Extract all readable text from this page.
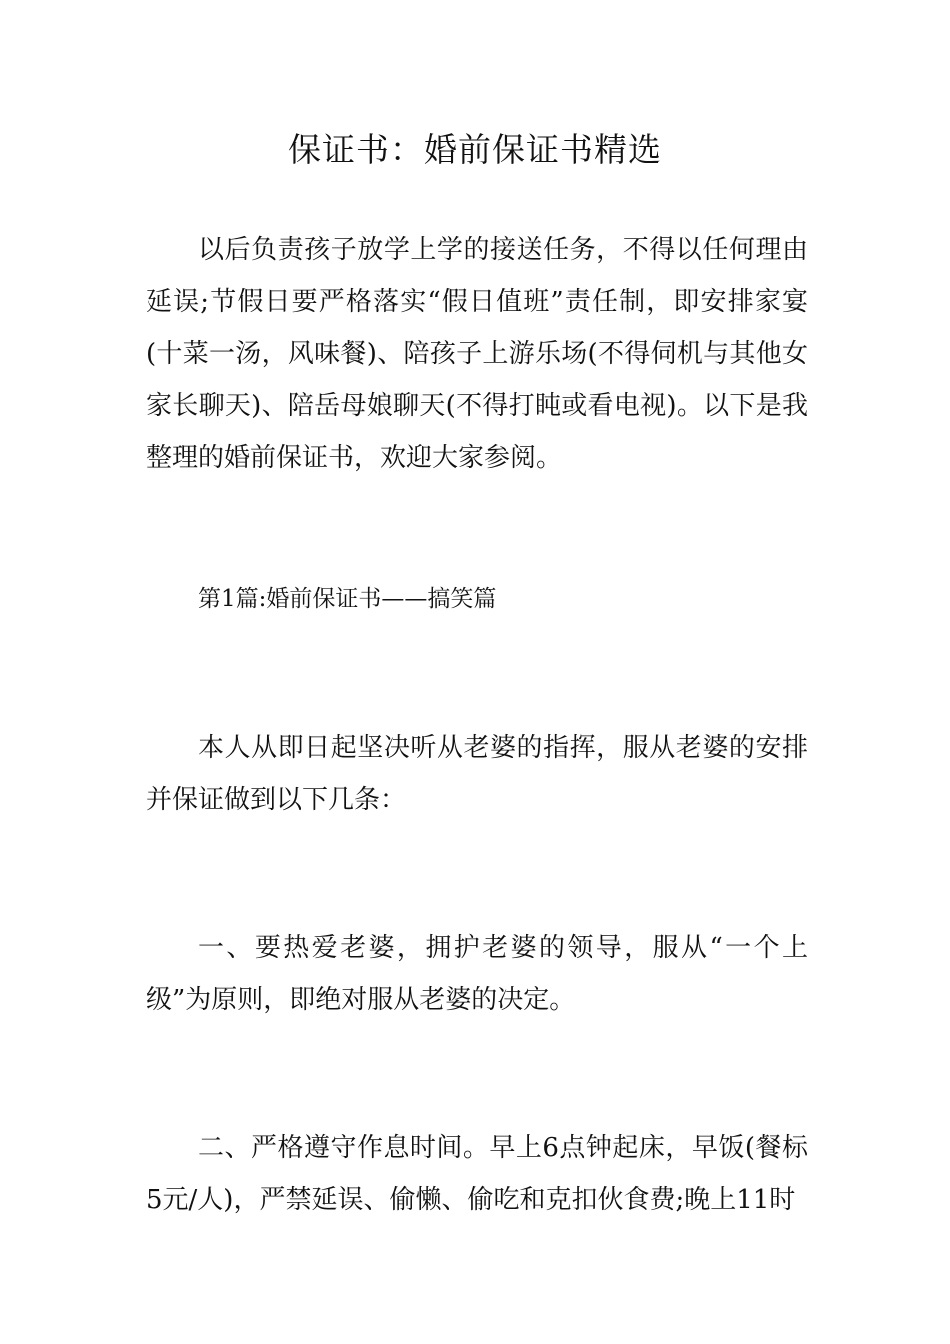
保证书：婚前保证书精选

以后负责孩子放学上学的接送任务，不得以任何理由延误;节假日要严格落实“假日值班”责任制，即安排家宴(十菜一汤，风味餐)、陪孩子上游乐场(不得伺机与其他女家长聊天)、陪岳母娘聊天(不得打盹或看电视)。以下是我整理的婚前保证书，欢迎大家参阅。

第1篇:婚前保证书——搞笑篇

本人从即日起坚决听从老婆的指挥，服从老婆的安排并保证做到以下几条：

一、要热爱老婆，拥护老婆的领导，服从“一个上级”为原则，即绝对服从老婆的决定。

二、严格遵守作息时间。早上6点钟起床，早饭(餐标5元/人)，严禁延误、偷懒、偷吃和克扣伙食费;晚上11时
